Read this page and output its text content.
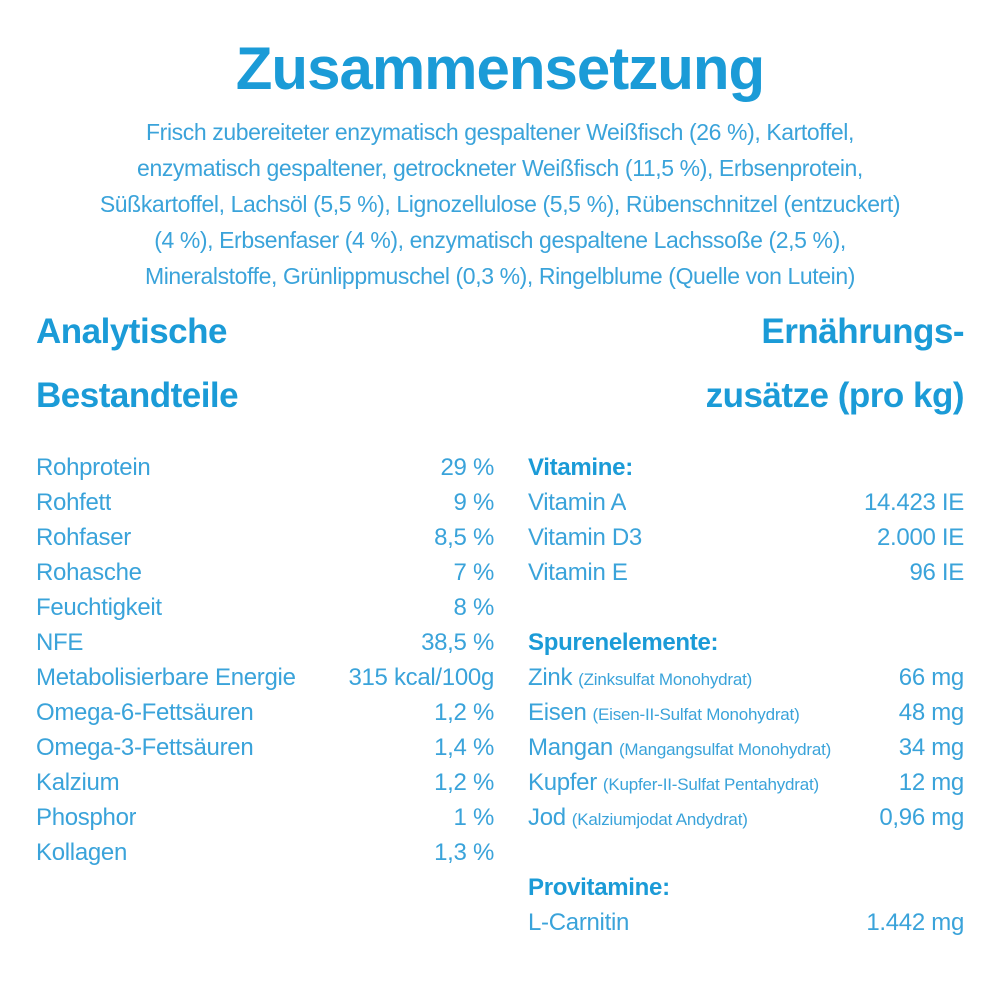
Zusammensetzung
Frisch zubereiteter enzymatisch gespaltener Weißfisch (26 %), Kartoffel,
enzymatisch gespaltener, getrockneter Weißfisch (11,5 %), Erbsenprotein,
Süßkartoffel, Lachsöl (5,5 %), Lignozellulose (5,5 %), Rübenschnitzel (entzuckert)
(4 %), Erbsenfaser (4 %), enzymatisch gespaltene Lachssoße (2,5 %),
Mineralstoffe, Grünlippmuschel (0,3 %), Ringelblume (Quelle von Lutein)
Analytische
Bestandteile
Rohprotein	29 %
Rohfett	9 %
Rohfaser	8,5 %
Rohasche	7 %
Feuchtigkeit	8 %
NFE	38,5 %
Metabolisierbare Energie 315 kcal/100g
Omega-6-Fettsäuren	1,2 %
Omega-3-Fettsäuren	1,4 %
Kalzium	1,2 %
Phosphor	1 %
Kollagen	1,3 %
Ernährungs-
zusätze (pro kg)
Vitamine:
Vitamin A	14.423 IE
Vitamin D3	2.000 IE
Vitamin E	96 IE
Spurenelemente:
Zink (Zinksulfat Monohydrat)	66 mg
Eisen (Eisen-II-Sulfat Monohydrat)	48 mg
Mangan (Mangangsulfat Monohydrat)	34 mg
Kupfer (Kupfer-II-Sulfat Pentahydrat)	12 mg
Jod (Kalziumjodat Andydrat)	0,96 mg
Provitamine:
L-Carnitin	1.442 mg
